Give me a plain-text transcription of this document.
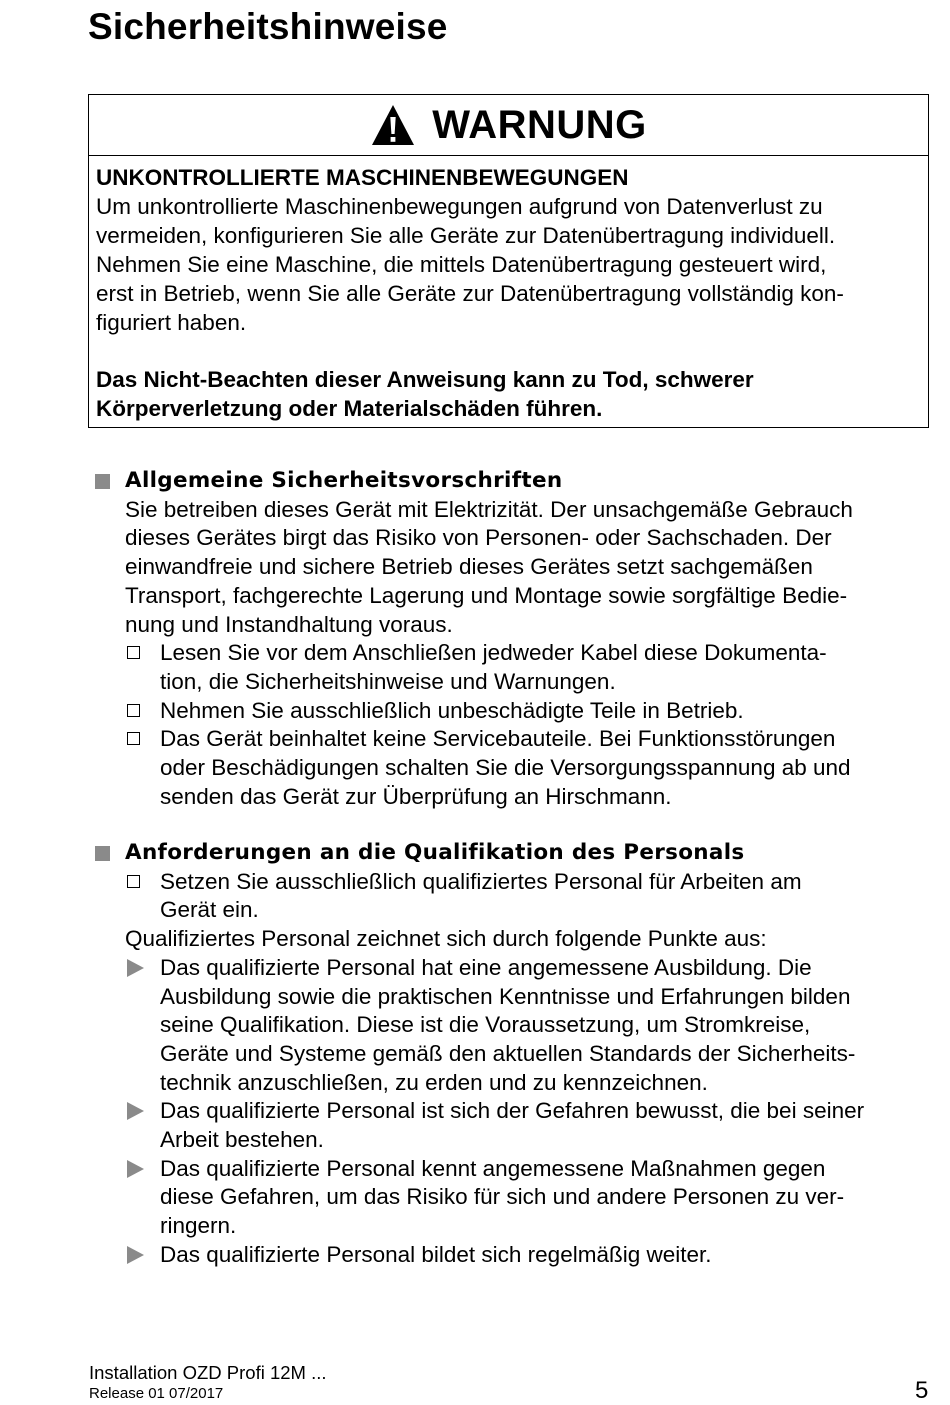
Sicherheitshinweise
WARNUNG
UNKONTROLLIERTE MASCHINENBEWEGUNGEN
Um unkontrollierte Maschinenbewegungen aufgrund von Datenverlust zu
vermeiden, konfigurieren Sie alle Geräte zur Datenübertragung individuell.
Nehmen Sie eine Maschine, die mittels Datenübertragung gesteuert wird,
erst in Betrieb, wenn Sie alle Geräte zur Datenübertragung vollständig kon-
figuriert haben.
Das Nicht-Beachten dieser Anweisung kann zu Tod, schwerer
Körperverletzung oder Materialschäden führen.
Allgemeine Sicherheitsvorschriften
Sie betreiben dieses Gerät mit Elektrizität. Der unsachgemäße Gebrauch
dieses Gerätes birgt das Risiko von Personen- oder Sachschaden. Der
einwandfreie und sichere Betrieb dieses Gerätes setzt sachgemäßen
Transport, fachgerechte Lagerung und Montage sowie sorgfältige Bedie-
nung und Instandhaltung voraus.
Lesen Sie vor dem Anschließen jedweder Kabel diese Dokumenta-
tion, die Sicherheitshinweise und Warnungen.
Nehmen Sie ausschließlich unbeschädigte Teile in Betrieb.
Das Gerät beinhaltet keine Servicebauteile. Bei Funktionsstörungen
oder Beschädigungen schalten Sie die Versorgungsspannung ab und
senden das Gerät zur Überprüfung an Hirschmann.
Anforderungen an die Qualifikation des Personals
Setzen Sie ausschließlich qualifiziertes Personal für Arbeiten am
Gerät ein.
Qualifiziertes Personal zeichnet sich durch folgende Punkte aus:
Das qualifizierte Personal hat eine angemessene Ausbildung. Die
Ausbildung sowie die praktischen Kenntnisse und Erfahrungen bilden
seine Qualifikation. Diese ist die Voraussetzung, um Stromkreise,
Geräte und Systeme gemäß den aktuellen Standards der Sicherheits-
technik anzuschließen, zu erden und zu kennzeichnen.
Das qualifizierte Personal ist sich der Gefahren bewusst, die bei seiner
Arbeit bestehen.
Das qualifizierte Personal kennt angemessene Maßnahmen gegen
diese Gefahren, um das Risiko für sich und andere Personen zu ver-
ringern.
Das qualifizierte Personal bildet sich regelmäßig weiter.
Installation OZD Profi 12M ...
Release 01 07/2017	5
